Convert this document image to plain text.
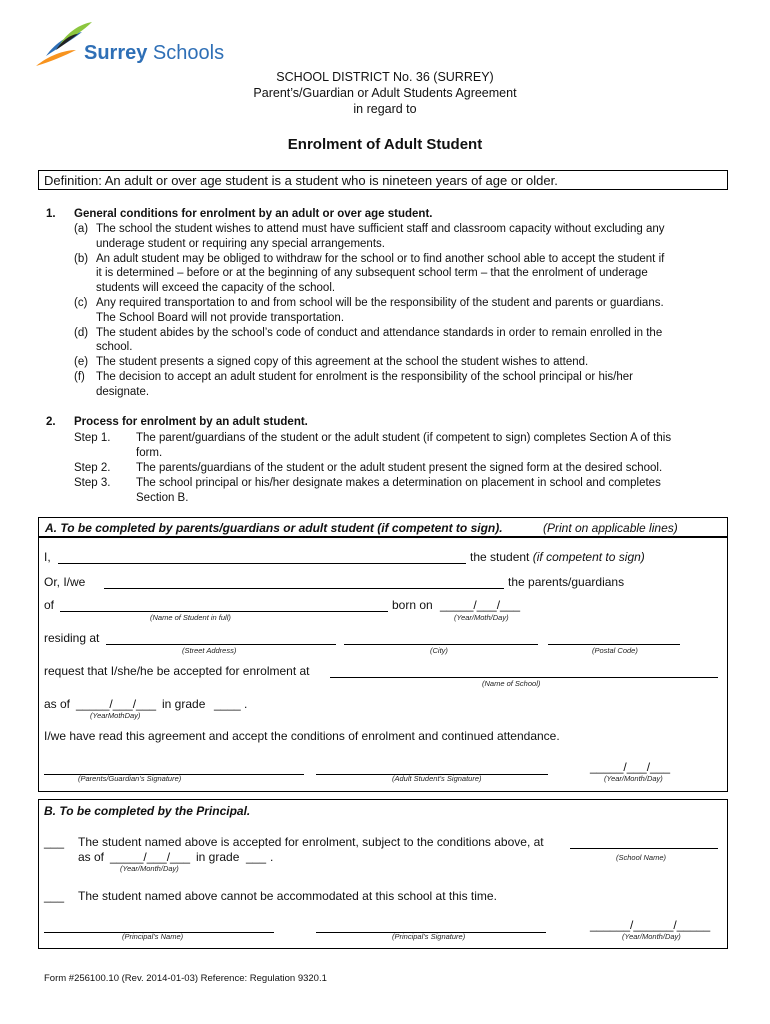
Surrey Schools
SCHOOL DISTRICT No. 36 (SURREY)
Parent’s/Guardian or Adult Students Agreement
in regard to
Enrolment of Adult Student
Definition: An adult or over age student is a student who is nineteen years of age or older.
1. General conditions for enrolment by an adult or over age student.
(a) The school the student wishes to attend must have sufficient staff and classroom capacity without excluding any
underage student or requiring any special arrangements.
(b) An adult student may be obliged to withdraw for the school or to find another school able to accept the student if
it is determined – before or at the beginning of any subsequent school term – that the enrolment of underage
students will exceed the capacity of the school.
(c) Any required transportation to and from school will be the responsibility of the student and parents or guardians.
The School Board will not provide transportation.
(d) The student abides by the school’s code of conduct and attendance standards in order to remain enrolled in the
school.
(e) The student presents a signed copy of this agreement at the school the student wishes to attend.
(f) The decision to accept an adult student for enrolment is the responsibility of the school principal or his/her
designate.
2. Process for enrolment by an adult student.
Step 1. The parent/guardians of the student or the adult student (if competent to sign) completes Section A of this
form.
Step 2. The parents/guardians of the student or the adult student present the signed form at the desired school.
Step 3. The school principal or his/her designate makes a determination on placement in school and completes
Section B.
A. To be completed by parents/guardians or adult student (if competent to sign).	(Print on applicable lines)
I,	the student (if competent to sign)
Or, I/we	the parents/guardians
of	born on _____/___/___
(Name of Student in full)	(Year/Moth/Day)
residing at
(Street Address)	(City)	(Postal Code)
request that I/she/he be accepted for enrolment at
(Name of School)
as of _____/___/___ in grade ____ .
(YearMothDay)
I/we have read this agreement and accept the conditions of enrolment and continued attendance.
_____/___/___
(Parents/Guardian’s Signature)	(Adult Student’s Signature)	(Year/Month/Day)
B. To be completed by the Principal.
___ The student named above is accepted for enrolment, subject to the conditions above, at
as of _____/___/___ in grade ___ .	(School Name)
(Year/Month/Day)
___ The student named above cannot be accommodated at this school at this time.
______/______/_____
(Principal’s Name)	(Principal’s Signature)	(Year/Month/Day)
Form #256100.10 (Rev. 2014-01-03) Reference: Regulation 9320.1
